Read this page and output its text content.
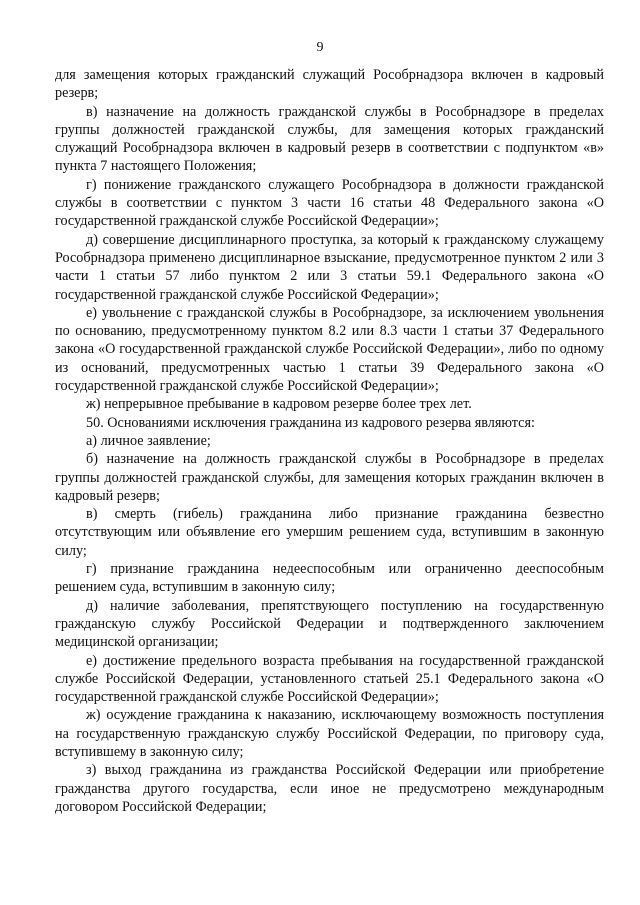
9

для замещения которых гражданский служащий Рособрнадзора включен в кадровый резерв;

в) назначение на должность гражданской службы в Рособрнадзоре в пределах группы должностей гражданской службы, для замещения которых гражданский служащий Рособрнадзора включен в кадровый резерв в соответствии с подпунктом «в» пункта 7 настоящего Положения;

г) понижение гражданского служащего Рособрнадзора в должности гражданской службы в соответствии с пунктом 3 части 16 статьи 48 Федерального закона «О государственной гражданской службе Российской Федерации»;

д) совершение дисциплинарного проступка, за который к гражданскому служащему Рособрнадзора применено дисциплинарное взыскание, предусмотренное пунктом 2 или 3 части 1 статьи 57 либо пунктом 2 или 3 статьи 59.1 Федерального закона «О государственной гражданской службе Российской Федерации»;

е) увольнение с гражданской службы в Рособрнадзоре, за исключением увольнения по основанию, предусмотренному пунктом 8.2 или 8.3 части 1 статьи 37 Федерального закона «О государственной гражданской службе Российской Федерации», либо по одному из оснований, предусмотренных частью 1 статьи 39 Федерального закона «О государственной гражданской службе Российской Федерации»;

ж) непрерывное пребывание в кадровом резерве более трех лет.

50. Основаниями исключения гражданина из кадрового резерва являются:

а) личное заявление;

б) назначение на должность гражданской службы в Рособрнадзоре в пределах группы должностей гражданской службы, для замещения которых гражданин включен в кадровый резерв;

в) смерть (гибель) гражданина либо признание гражданина безвестно отсутствующим или объявление его умершим решением суда, вступившим в законную силу;

г) признание гражданина недееспособным или ограниченно дееспособным решением суда, вступившим в законную силу;

д) наличие заболевания, препятствующего поступлению на государственную гражданскую службу Российской Федерации и подтвержденного заключением медицинской организации;

е) достижение предельного возраста пребывания на государственной гражданской службе Российской Федерации, установленного статьей 25.1 Федерального закона «О государственной гражданской службе Российской Федерации»;

ж) осуждение гражданина к наказанию, исключающему возможность поступления на государственную гражданскую службу Российской Федерации, по приговору суда, вступившему в законную силу;

з) выход гражданина из гражданства Российской Федерации или приобретение гражданства другого государства, если иное не предусмотрено международным договором Российской Федерации;
